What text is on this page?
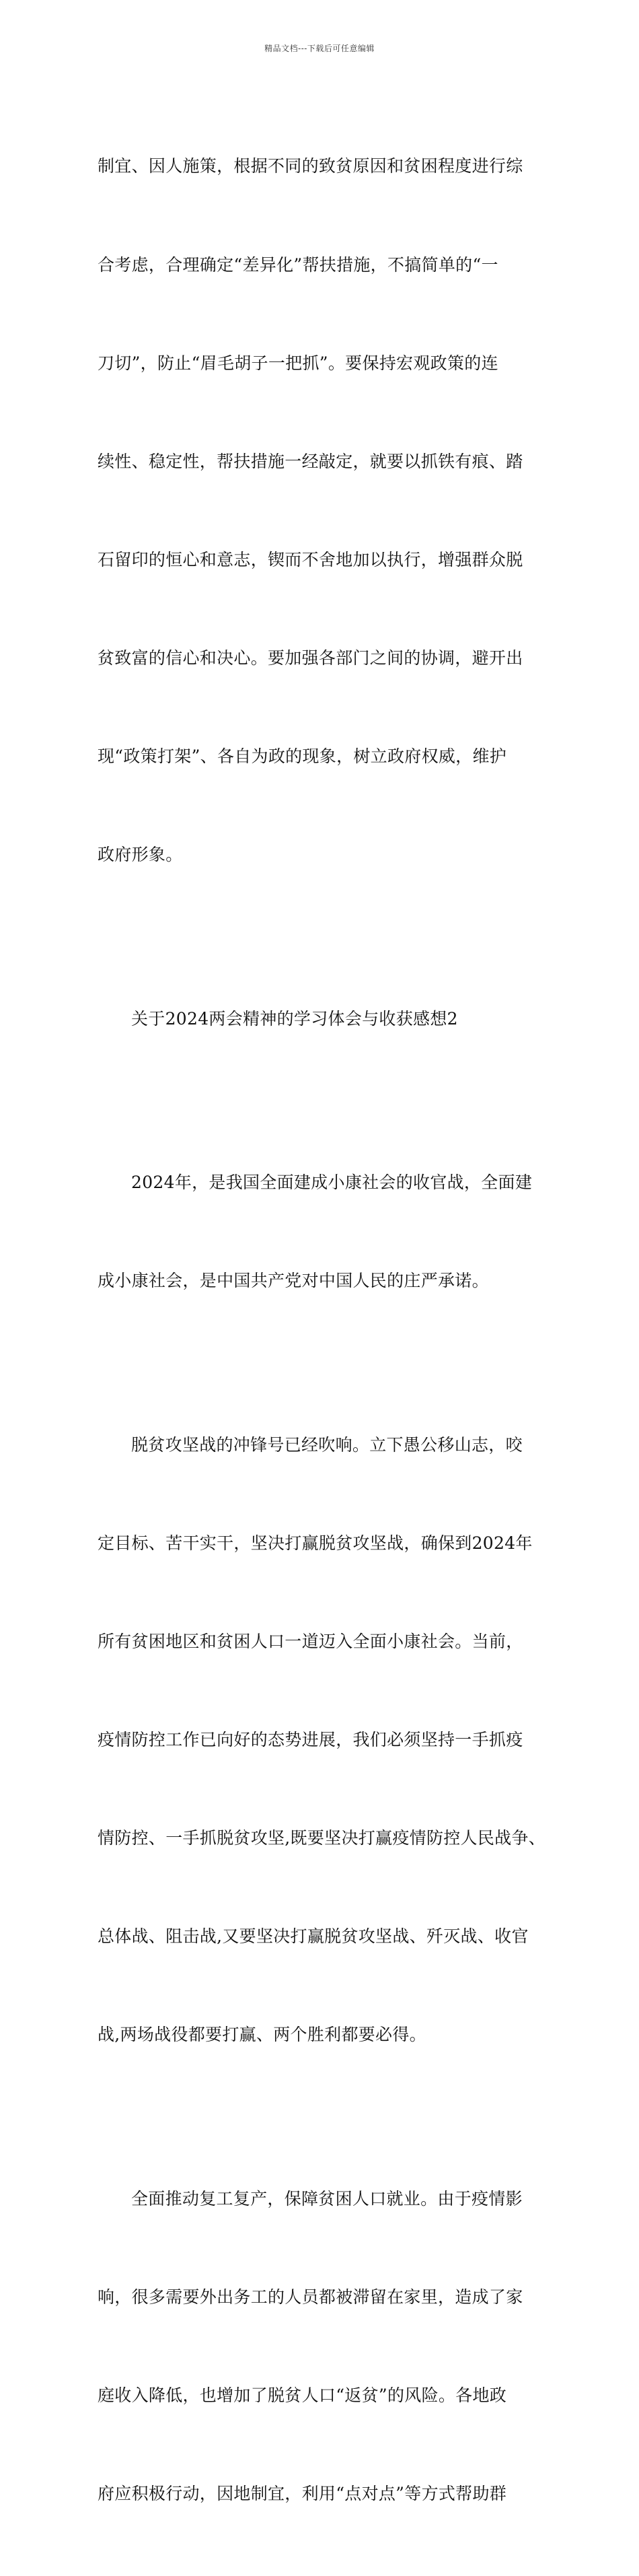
精品文档---下载后可任意编辑

制宜、因人施策，根据不同的致贫原因和贫困程度进行综

合考虑，合理确定“差异化”帮扶措施，不搞简单的“一

刀切”，防止“眉毛胡子一把抓”。要保持宏观政策的连

续性、稳定性，帮扶措施一经敲定，就要以抓铁有痕、踏

石留印的恒心和意志，锲而不舍地加以执行，增强群众脱

贫致富的信心和决心。要加强各部门之间的协调，避开出

现“政策打架”、各自为政的现象，树立政府权威，维护

政府形象。

关于2024两会精神的学习体会与收获感想2

2024年，是我国全面建成小康社会的收官战，全面建

成小康社会，是中国共产党对中国人民的庄严承诺。

脱贫攻坚战的冲锋号已经吹响。立下愚公移山志，咬

定目标、苦干实干，坚决打赢脱贫攻坚战，确保到2024年

所有贫困地区和贫困人口一道迈入全面小康社会。当前，

疫情防控工作已向好的态势进展，我们必须坚持一手抓疫

情防控、一手抓脱贫攻坚,既要坚决打赢疫情防控人民战争、

总体战、阻击战,又要坚决打赢脱贫攻坚战、歼灭战、收官

战,两场战役都要打赢、两个胜利都要必得。

全面推动复工复产，保障贫困人口就业。由于疫情影

响，很多需要外出务工的人员都被滞留在家里，造成了家

庭收入降低，也增加了脱贫人口“返贫”的风险。各地政

府应积极行动，因地制宜，利用“点对点”等方式帮助群
